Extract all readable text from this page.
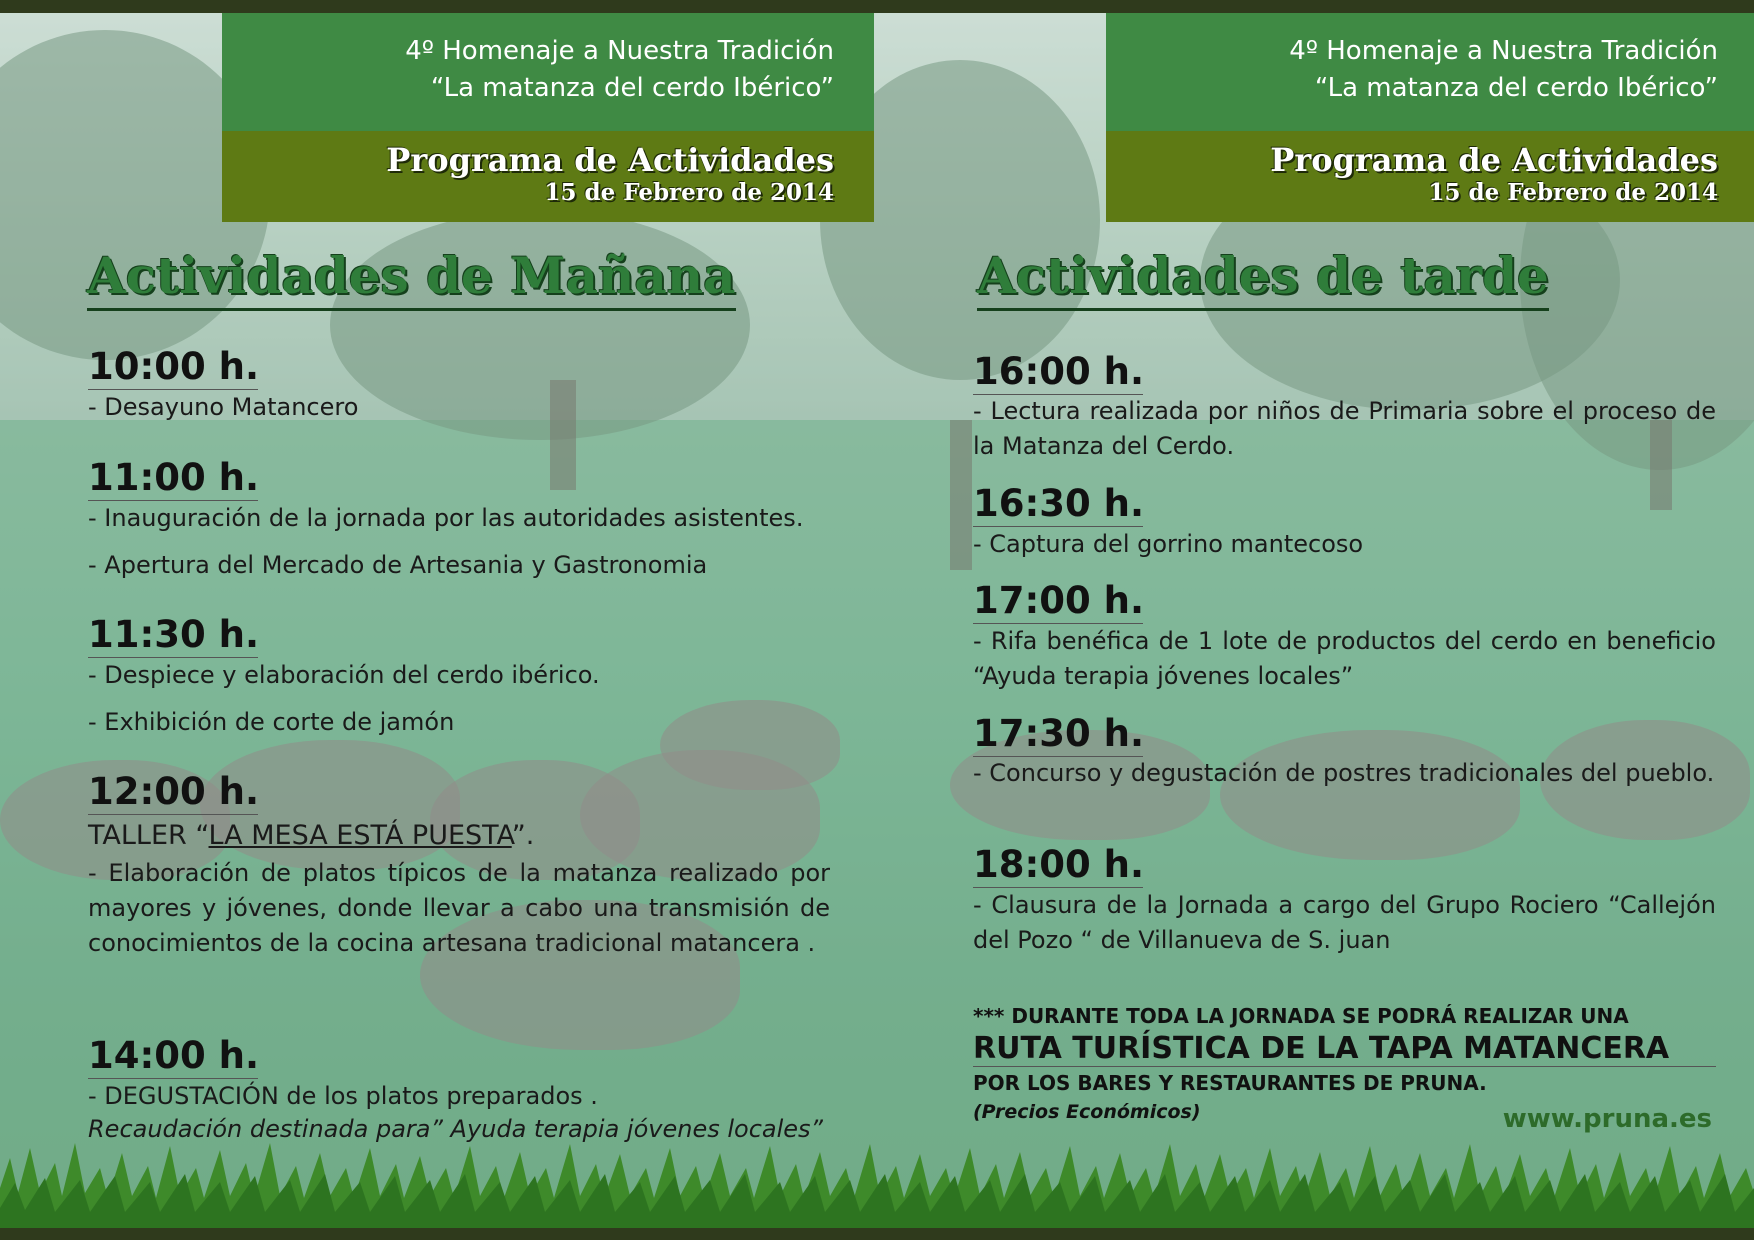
4º Homenaje a Nuestra Tradición
“La matanza del cerdo Ibérico”
Programa de Actividades
15 de Febrero de 2014
4º Homenaje a Nuestra Tradición
“La matanza del cerdo Ibérico”
Programa de Actividades
15 de Febrero de 2014
Actividades de Mañana
10:00 h.
- Desayuno Matancero
11:00 h.
- Inauguración de la jornada por las autoridades asistentes.
- Apertura del Mercado de Artesania y Gastronomia
11:30 h.
- Despiece y elaboración del cerdo ibérico.
- Exhibición de corte de jamón
12:00 h.
TALLER “LA MESA ESTÁ PUESTA”.
- Elaboración de platos típicos de la matanza realizado por mayores y jóvenes, donde llevar a cabo una transmisión de conocimientos de la cocina artesana tradicional matancera .
14:00 h.
- DEGUSTACIÓN de los platos preparados .
Recaudación destinada para” Ayuda terapia jóvenes locales”
Actividades de tarde
16:00 h.
- Lectura realizada por niños de Primaria sobre el proceso de la Matanza del Cerdo.
16:30 h.
- Captura del gorrino mantecoso
17:00 h.
- Rifa benéfica de 1 lote de productos del cerdo en beneficio “Ayuda terapia jóvenes locales”
17:30 h.
- Concurso y degustación de postres tradicionales del pueblo.
18:00 h.
- Clausura de la Jornada a cargo del Grupo Rociero “Callejón del Pozo “ de Villanueva de S. juan
*** DURANTE TODA LA JORNADA SE PODRÁ REALIZAR UNA
RUTA TURÍSTICA DE LA TAPA MATANCERA
POR LOS BARES Y RESTAURANTES DE PRUNA.
(Precios Económicos)	www.pruna.es
